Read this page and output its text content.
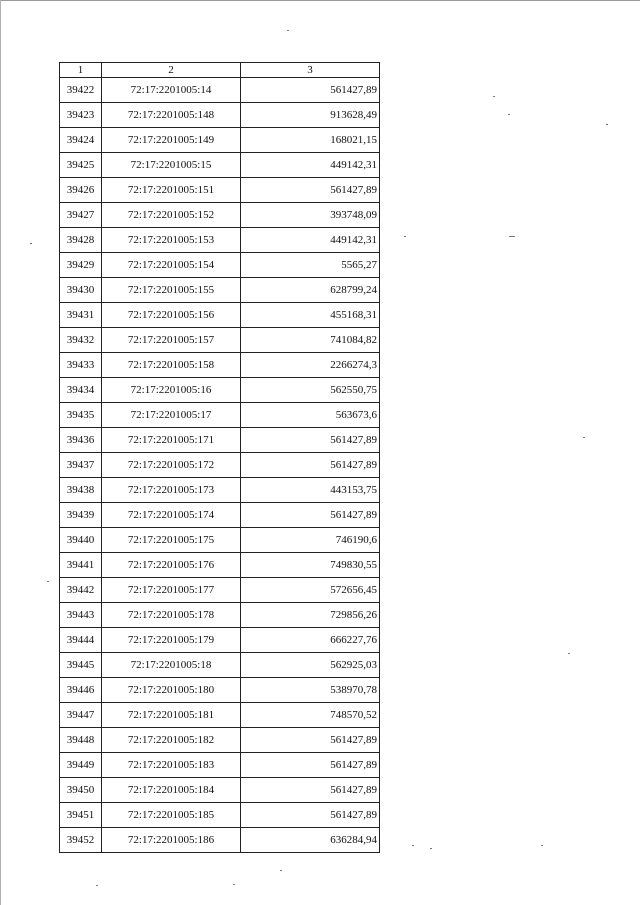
1	2	3
39422	72:17:2201005:14	561427,89
39423	72:17:2201005:148	913628,49
39424	72:17:2201005:149	168021,15
39425	72:17:2201005:15	449142,31
39426	72:17:2201005:151	561427,89
39427	72:17:2201005:152	393748,09
39428	72:17:2201005:153	449142,31
39429	72:17:2201005:154	5565,27
39430	72:17:2201005:155	628799,24
39431	72:17:2201005:156	455168,31
39432	72:17:2201005:157	741084,82
39433	72:17:2201005:158	2266274,3
39434	72:17:2201005:16	562550,75
39435	72:17:2201005:17	563673,6
39436	72:17:2201005:171	561427,89
39437	72:17:2201005:172	561427,89
39438	72:17:2201005:173	443153,75
39439	72:17:2201005:174	561427,89
39440	72:17:2201005:175	746190,6
39441	72:17:2201005:176	749830,55
39442	72:17:2201005:177	572656,45
39443	72:17:2201005:178	729856,26
39444	72:17:2201005:179	666227,76
39445	72:17:2201005:18	562925,03
39446	72:17:2201005:180	538970,78
39447	72:17:2201005:181	748570,52
39448	72:17:2201005:182	561427,89
39449	72:17:2201005:183	561427,89
39450	72:17:2201005:184	561427,89
39451	72:17:2201005:185	561427,89
39452	72:17:2201005:186	636284,94
